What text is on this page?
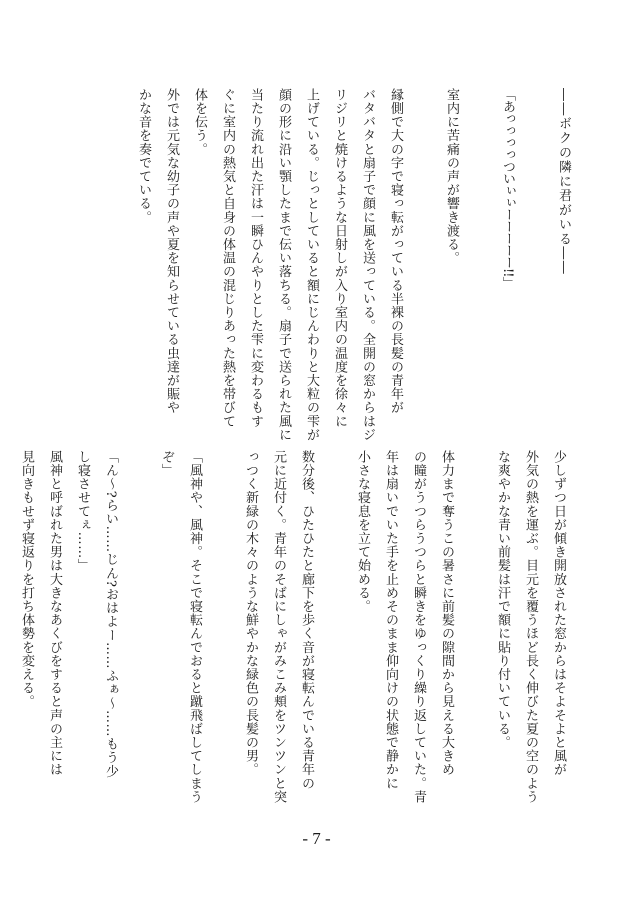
――ボクの隣に君がいる――
「あっっっっついぃぃーーーーー!!」
室内に苦痛の声が響き渡る。
縁側で大の字で寝っ転がっている半裸の長髪の青年が
バタバタと扇子で顔に風を送っている。全開の窓からはジ
リジリと焼けるような日射しが入り室内の温度を徐々に
上げている。じっとしていると額にじんわりと大粒の雫が
顔の形に沿い顎したまで伝い落ちる。扇子で送られた風に
当たり流れ出た汗は一瞬ひんやりとした雫に変わるもす
ぐに室内の熱気と自身の体温の混じりあった熱を帯びて
体を伝う。
外では元気な幼子の声や夏を知らせている虫達が賑や
かな音を奏でている。
少しずつ日が傾き開放された窓からはそよそよと風が
外気の熱を運ぶ。目元を覆うほど長く伸びた夏の空のよう
な爽やかな青い前髪は汗で額に貼り付いている。
体力まで奪うこの暑さに前髪の隙間から見える大きめ
の瞳がうつらうつらと瞬きをゆっくり繰り返していた。青
年は扇いでいた手を止めそのまま仰向けの状態で静かに
小さな寝息を立て始める。
数分後、ひたひたと廊下を歩く音が寝転んでいる青年の
元に近付く。青年のそばにしゃがみこみ頬をツンツンと突
っつく新緑の木々のような鮮やかな緑色の長髪の男。
「風神や、風神。そこで寝転んでおると蹴飛ばしてしまう
ぞ」
「ん〜?らい……じん?おはよー……ふぁ〜……もう少
し寝させてぇ……」
風神と呼ばれた男は大きなあくびをすると声の主には
見向きもせず寝返りを打ち体勢を変える。
- 7 -
